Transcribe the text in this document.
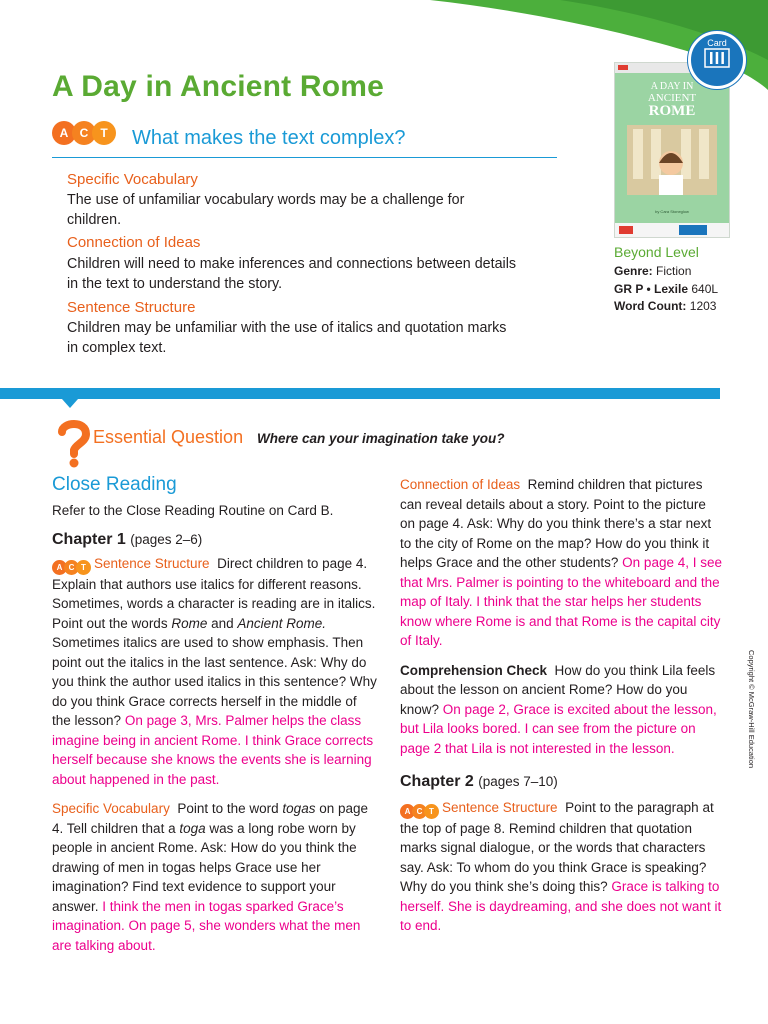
A Day in Ancient Rome
A C	T	What makes the text complex?
Specific Vocabulary
The use of unfamiliar vocabulary words may be a challenge for children.
Connection of Ideas
Children will need to make inferences and connections between details in the text to understand the story.
Sentence Structure
Children may be unfamiliar with the use of italics and quotation marks in complex text.
A DAY IN
ANCIENT
ROME
by Cara Stoneglow
Card
Beyond Level
Genre: Fiction
GR P • Lexile 640L
Word Count: 1203
Essential Question Where can your imagination take you?
Close Reading
Refer to the Close Reading Routine on Card B.
Chapter 1 (pages 2–6)
A C T Sentence Structure Direct children to page 4. Explain that authors use italics for different reasons. Sometimes, words a character is reading are in italics. Point out the words Rome and Ancient Rome. Sometimes italics are used to show emphasis. Then point out the italics in the last sentence. Ask: Why do you think the author used italics in this sentence? Why do you think Grace corrects herself in the middle of the lesson? On page 3, Mrs. Palmer helps the class imagine being in ancient Rome. I think Grace corrects herself because she knows the events she is learning about happened in the past.
Specific Vocabulary Point to the word togas on page 4. Tell children that a toga was a long robe worn by people in ancient Rome. Ask: How do you think the drawing of men in togas helps Grace use her imagination? Find text evidence to support your answer. I think the men in togas sparked Grace’s imagination. On page 5, she wonders what the men are talking about.
Connection of Ideas Remind children that pictures can reveal details about a story. Point to the picture on page 4. Ask: Why do you think there’s a star next to the city of Rome on the map? How do you think it helps Grace and the other students? On page 4, I see that Mrs. Palmer is pointing to the whiteboard and the map of Italy. I think that the star helps her students know where Rome is and that Rome is the capital city of Italy.
Comprehension Check How do you think Lila feels about the lesson on ancient Rome? How do you know? On page 2, Grace is excited about the lesson, but Lila looks bored. I can see from the picture on page 2 that Lila is not interested in the lesson.
Chapter 2 (pages 7–10)
A C T Sentence Structure Point to the paragraph at the top of page 8. Remind children that quotation marks signal dialogue, or the words that characters say. Ask: To whom do you think Grace is speaking? Why do you think she’s doing this? Grace is talking to herself. She is daydreaming, and she does not want it to end.
Copyright © McGraw-Hill Education
